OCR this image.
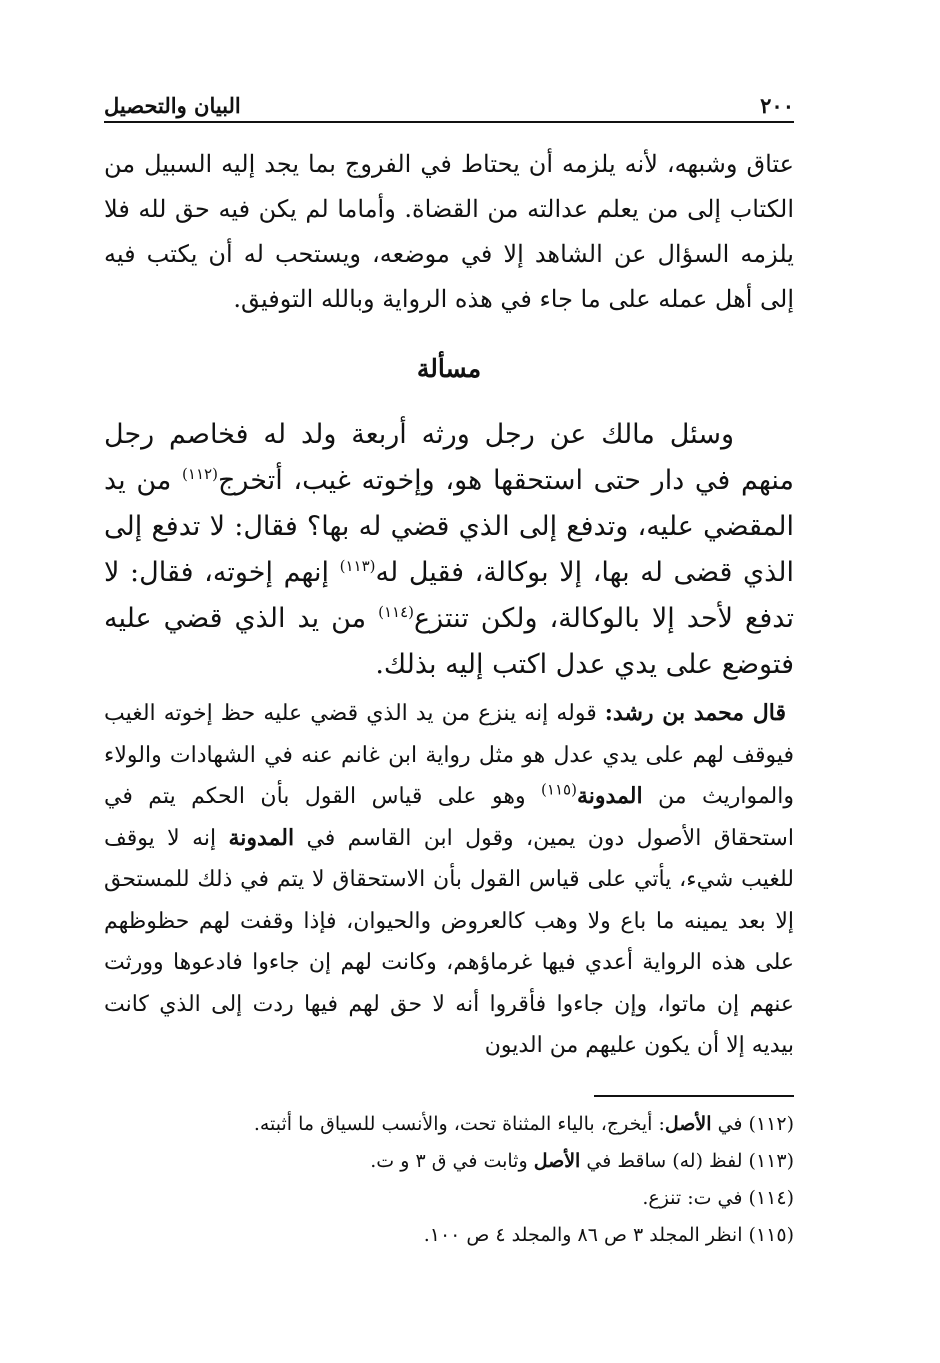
٢٠٠
البيان والتحصيل

عتاق وشبهه، لأنه يلزمه أن يحتاط في الفروج بما يجد إليه السبيل من الكتاب إلى من يعلم عدالته من القضاة. وأماما لم يكن فيه حق لله فلا يلزمه السؤال عن الشاهد إلا في موضعه، ويستحب له أن يكتب فيه إلى أهل عمله على ما جاء في هذه الرواية وبالله التوفيق.

مسألة

وسئل مالك عن رجل ورثه أربعة ولد له فخاصم رجل منهم في دار حتى استحقها هو، وإخوته غيب، أتخرج$^{(١١٢)}$ من يد المقضي عليه، وتدفع إلى الذي قضي له بها؟ فقال: لا تدفع إلى الذي قضى له بها، إلا بوكالة، فقيل له$^{(١١٣)}$ إنهم إخوته، فقال: لا تدفع لأحد إلا بالوكالة، ولكن تنتزع$^{(١١٤)}$ من يد الذي قضي عليه فتوضع على يدي عدل اكتب إليه بذلك.

قال محمد بن رشد: قوله إنه ينزع من يد الذي قضي عليه حظ إخوته الغيب فيوقف لهم على يدي عدل هو مثل رواية ابن غانم عنه في الشهادات والولاء والمواريث من المدونة$^{(١١٥)}$ وهو على قياس القول بأن الحكم يتم في استحقاق الأصول دون يمين، وقول ابن القاسم في المدونة إنه لا يوقف للغيب شيء، يأتي على قياس القول بأن الاستحقاق لا يتم في ذلك للمستحق إلا بعد يمينه ما باع ولا وهب كالعروض والحيوان، فإذا وقفت لهم حظوظهم على هذه الرواية أعدي فيها غرماؤهم، وكانت لهم إن جاءوا فادعوها وورثت عنهم إن ماتوا، وإن جاءوا فأقروا أنه لا حق لهم فيها ردت إلى الذي كانت بيديه إلا أن يكون عليهم من الديون

(١١٢) في الأصل: أيخرج، بالياء المثناة تحت، والأنسب للسياق ما أثبته.
(١١٣) لفظ (له) ساقط في الأصل وثابت في ق ٣ و ت.
(١١٤) في ت: تنزع.
(١١٥) انظر المجلد ٣ ص ٨٦ والمجلد ٤ ص ١٠٠.
